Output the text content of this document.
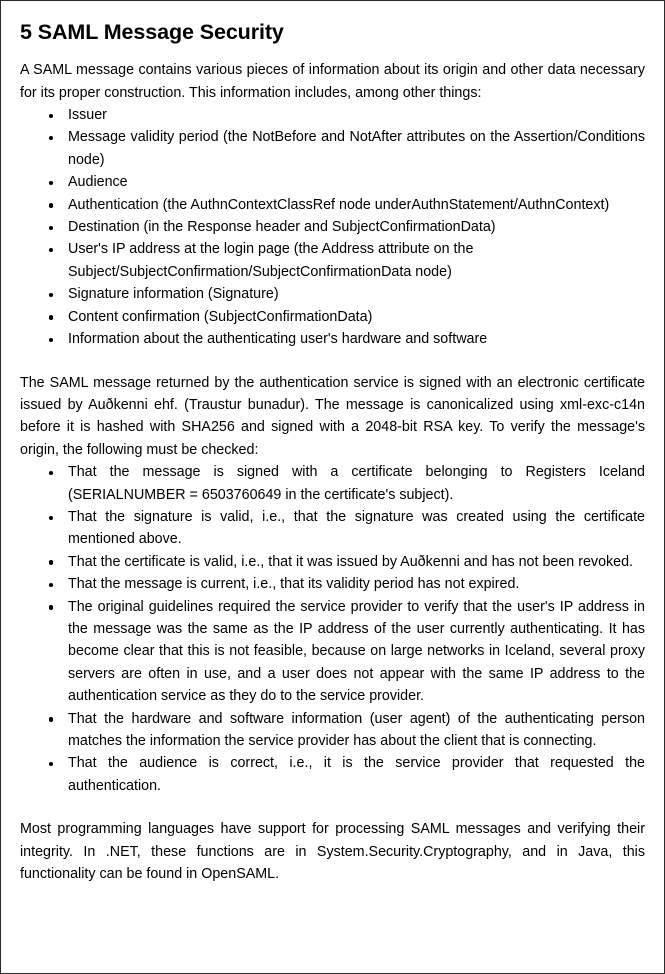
5 SAML Message Security

A SAML message contains various pieces of information about its origin and other data necessary for its proper construction. This information includes, among other things:

Issuer
Message validity period (the NotBefore and NotAfter attributes on the Assertion/Conditions node)
Audience
Authentication (the AuthnContextClassRef node underAuthnStatement/AuthnContext)
Destination (in the Response header and SubjectConfirmationData)
User's IP address at the login page (the Address attribute on the Subject/SubjectConfirmation/SubjectConfirmationData node)
Signature information (Signature)
Content confirmation (SubjectConfirmationData)
Information about the authenticating user's hardware and software

The SAML message returned by the authentication service is signed with an electronic certificate issued by Auðkenni ehf. (Traustur bunadur). The message is canonicalized using xml-exc-c14n before it is hashed with SHA256 and signed with a 2048-bit RSA key. To verify the message's origin, the following must be checked:

That the message is signed with a certificate belonging to Registers Iceland (SERIALNUMBER = 6503760649 in the certificate's subject).
That the signature is valid, i.e., that the signature was created using the certificate mentioned above.
That the certificate is valid, i.e., that it was issued by Auðkenni and has not been revoked.
That the message is current, i.e., that its validity period has not expired.
The original guidelines required the service provider to verify that the user's IP address in the message was the same as the IP address of the user currently authenticating. It has become clear that this is not feasible, because on large networks in Iceland, several proxy servers are often in use, and a user does not appear with the same IP address to the authentication service as they do to the service provider.
That the hardware and software information (user agent) of the authenticating person matches the information the service provider has about the client that is connecting.
That the audience is correct, i.e., it is the service provider that requested the authentication.

Most programming languages have support for processing SAML messages and verifying their integrity. In .NET, these functions are in System.Security.Cryptography, and in Java, this functionality can be found in OpenSAML.
